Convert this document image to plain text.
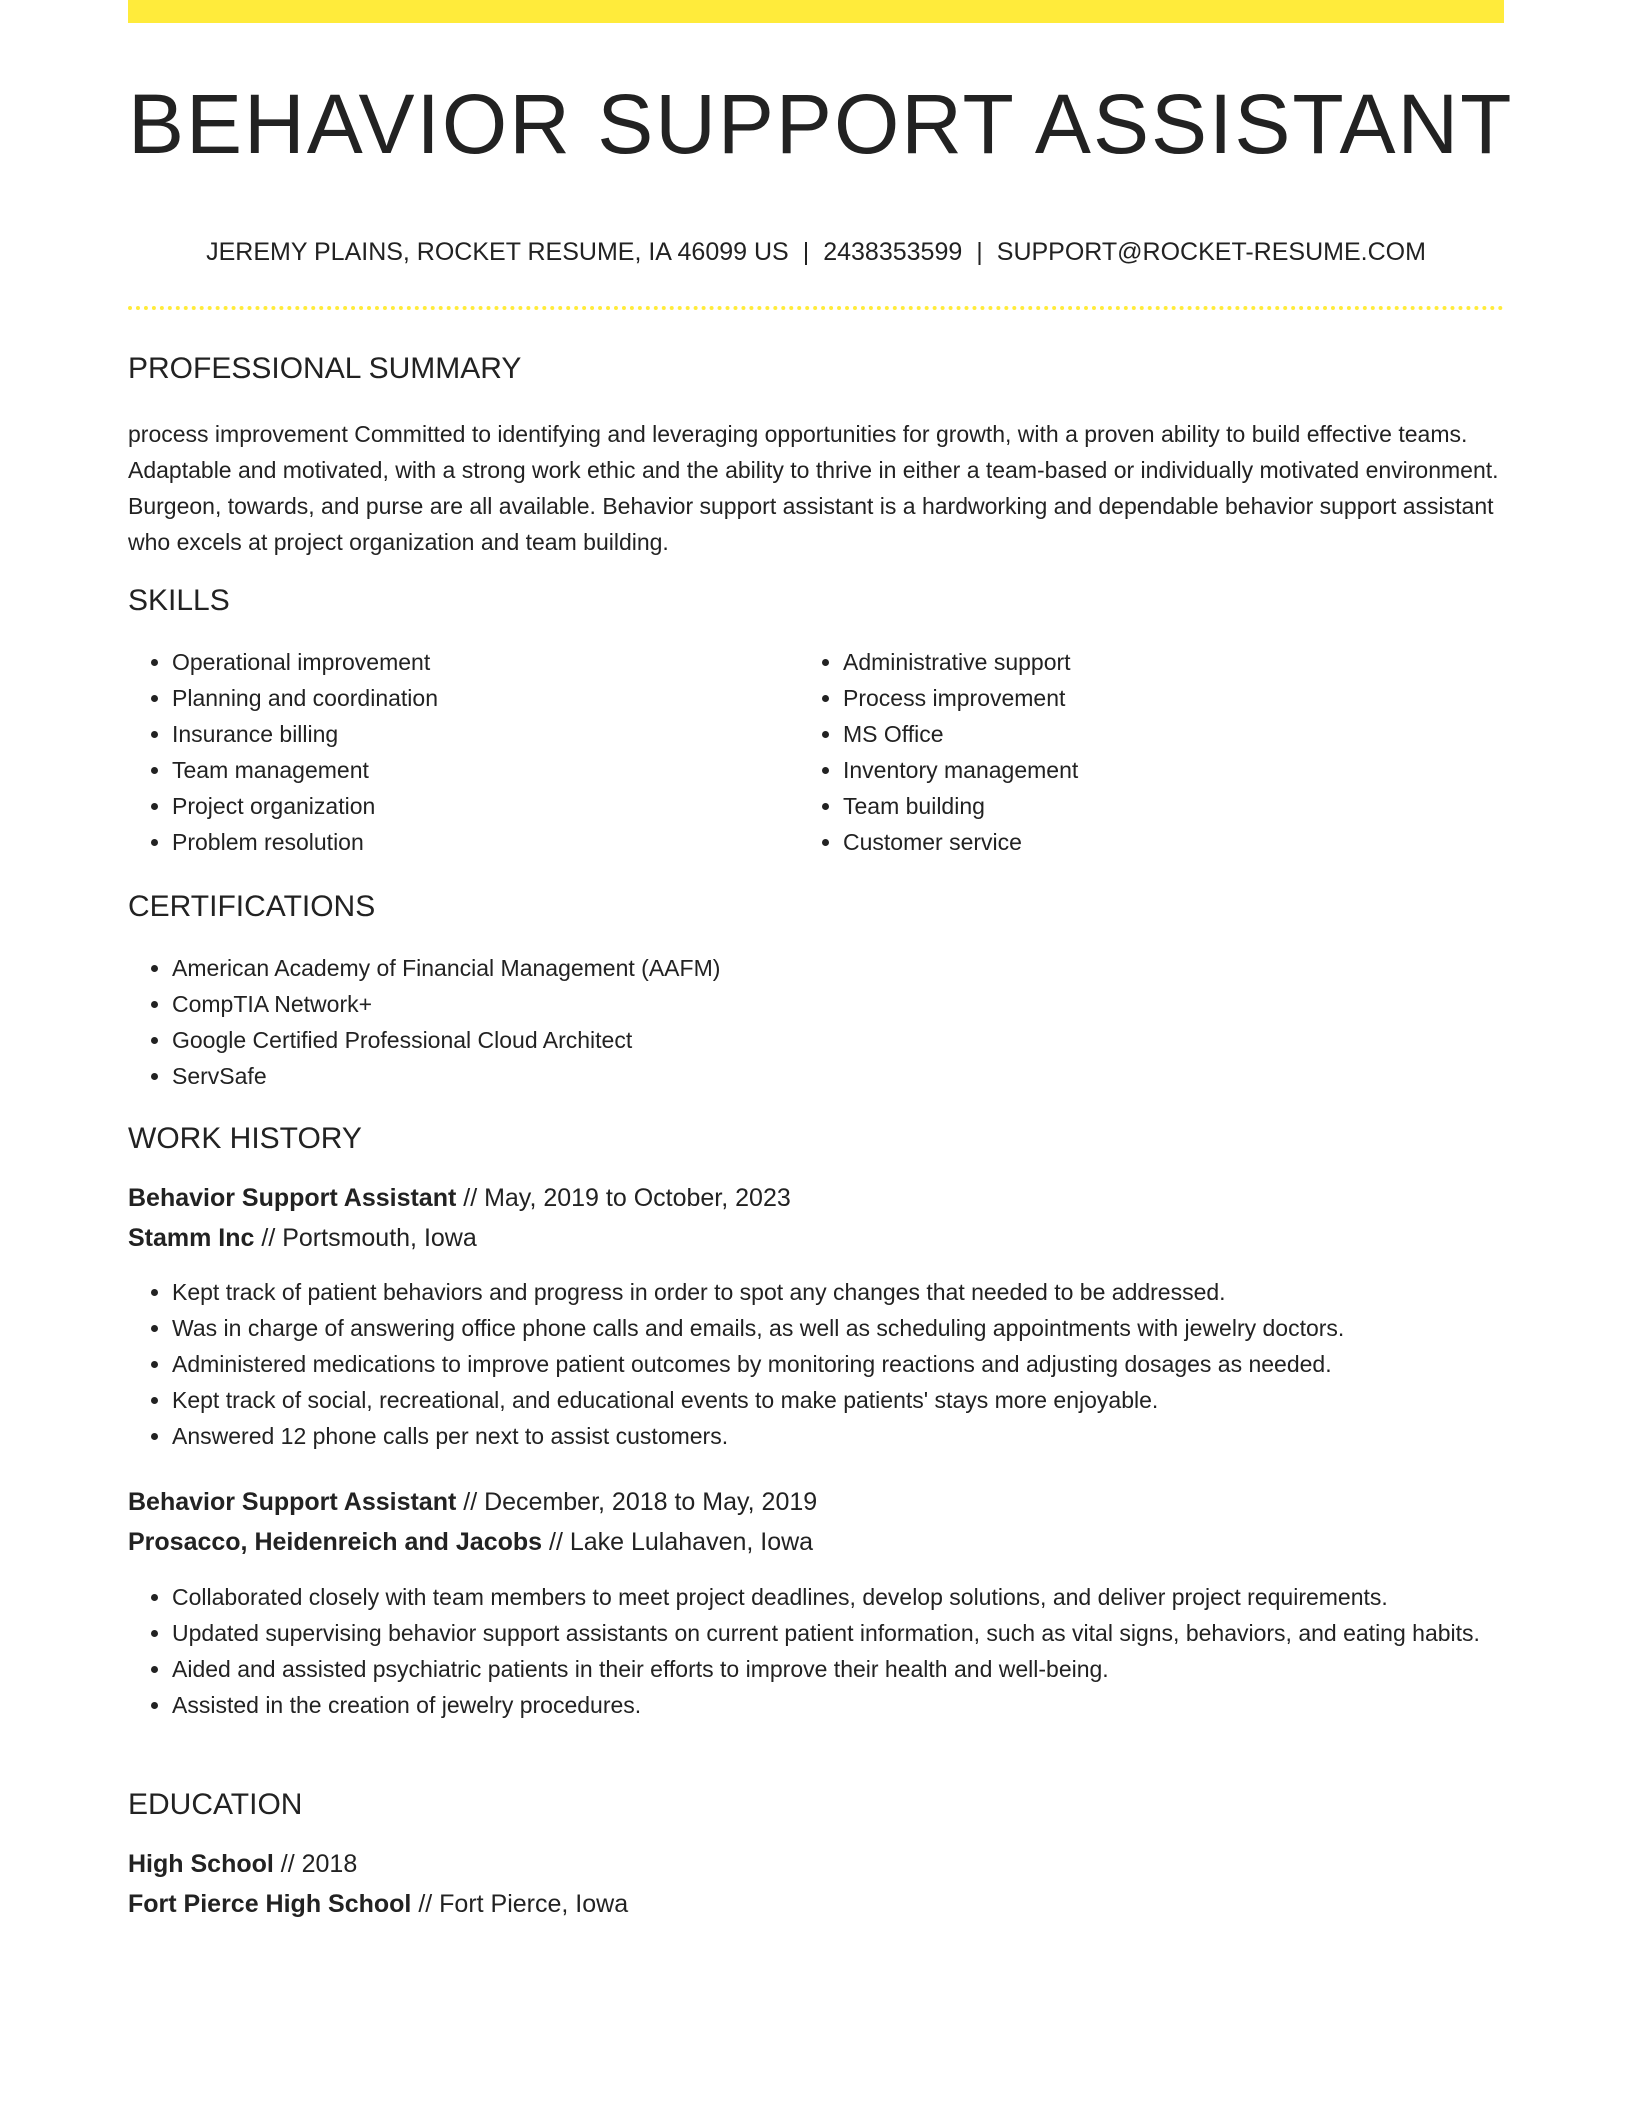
BEHAVIOR SUPPORT ASSISTANT
JEREMY PLAINS, ROCKET RESUME, IA 46099 US | 2438353599 | SUPPORT@ROCKET-RESUME.COM
PROFESSIONAL SUMMARY

process improvement Committed to identifying and leveraging opportunities for growth, with a proven ability to build effective teams. Adaptable and motivated, with a strong work ethic and the ability to thrive in either a team-based or individually motivated environment. Burgeon, towards, and purse are all available. Behavior support assistant is a hardworking and dependable behavior support assistant who excels at project organization and team building.

SKILLS
• Operational improvement
• Planning and coordination
• Insurance billing
• Team management
• Project organization
• Problem resolution
• Administrative support
• Process improvement
• MS Office
• Inventory management
• Team building
• Customer service
CERTIFICATIONS
• American Academy of Financial Management (AAFM)
• CompTIA Network+
• Google Certified Professional Cloud Architect
• ServSafe
WORK HISTORY
Behavior Support Assistant // May, 2019 to October, 2023
Stamm Inc // Portsmouth, Iowa
• Kept track of patient behaviors and progress in order to spot any changes that needed to be addressed.
• Was in charge of answering office phone calls and emails, as well as scheduling appointments with jewelry doctors.
• Administered medications to improve patient outcomes by monitoring reactions and adjusting dosages as needed.
• Kept track of social, recreational, and educational events to make patients' stays more enjoyable.
• Answered 12 phone calls per next to assist customers.
Behavior Support Assistant // December, 2018 to May, 2019
Prosacco, Heidenreich and Jacobs // Lake Lulahaven, Iowa
• Collaborated closely with team members to meet project deadlines, develop solutions, and deliver project requirements.
• Updated supervising behavior support assistants on current patient information, such as vital signs, behaviors, and eating habits.
• Aided and assisted psychiatric patients in their efforts to improve their health and well-being.
• Assisted in the creation of jewelry procedures.
EDUCATION
High School // 2018
Fort Pierce High School // Fort Pierce, Iowa
